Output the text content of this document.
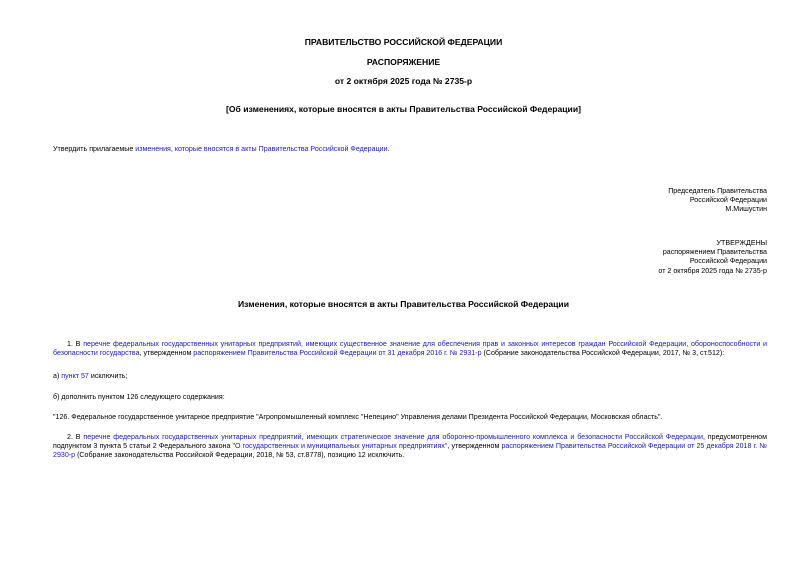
ПРАВИТЕЛЬСТВО РОССИЙСКОЙ ФЕДЕРАЦИИ
РАСПОРЯЖЕНИЕ
от 2 октября 2025 года № 2735-р
[Об изменениях, которые вносятся в акты Правительства Российской Федерации]
Утвердить прилагаемые изменения, которые вносятся в акты Правительства Российской Федерации.
Председатель Правительства
Российской Федерации
М.Мишустин
УТВЕРЖДЕНЫ
распоряжением Правительства
Российской Федерации
от 2 октября 2025 года № 2735-р
Изменения, которые вносятся в акты Правительства Российской Федерации
1. В перечне федеральных государственных унитарных предприятий, имеющих существенное значение для обеспечения прав и законных интересов граждан Российской Федерации, обороноспособности и безопасности государства, утвержденном распоряжением Правительства Российской Федерации от 31 декабря 2016 г. № 2931-р (Собрание законодательства Российской Федерации, 2017, № 3, ст.512):
а) пункт 57 исключить;
б) дополнить пунктом 126 следующего содержания:
"126. Федеральное государственное унитарное предприятие "Агропромышленный комплекс "Непецино" Управления делами Президента Российской Федерации, Московская область".
2. В перечне федеральных государственных унитарных предприятий, имеющих стратегическое значение для оборонно-промышленного комплекса и безопасности Российской Федерации, предусмотренном подпунктом 3 пункта 5 статьи 2 Федерального закона "О государственных и муниципальных унитарных предприятиях", утвержденном распоряжением Правительства Российской Федерации от 25 декабря 2018 г. № 2930-р (Собрание законодательства Российской Федерации, 2018, № 53, ст.8778), позицию 12 исключить.
